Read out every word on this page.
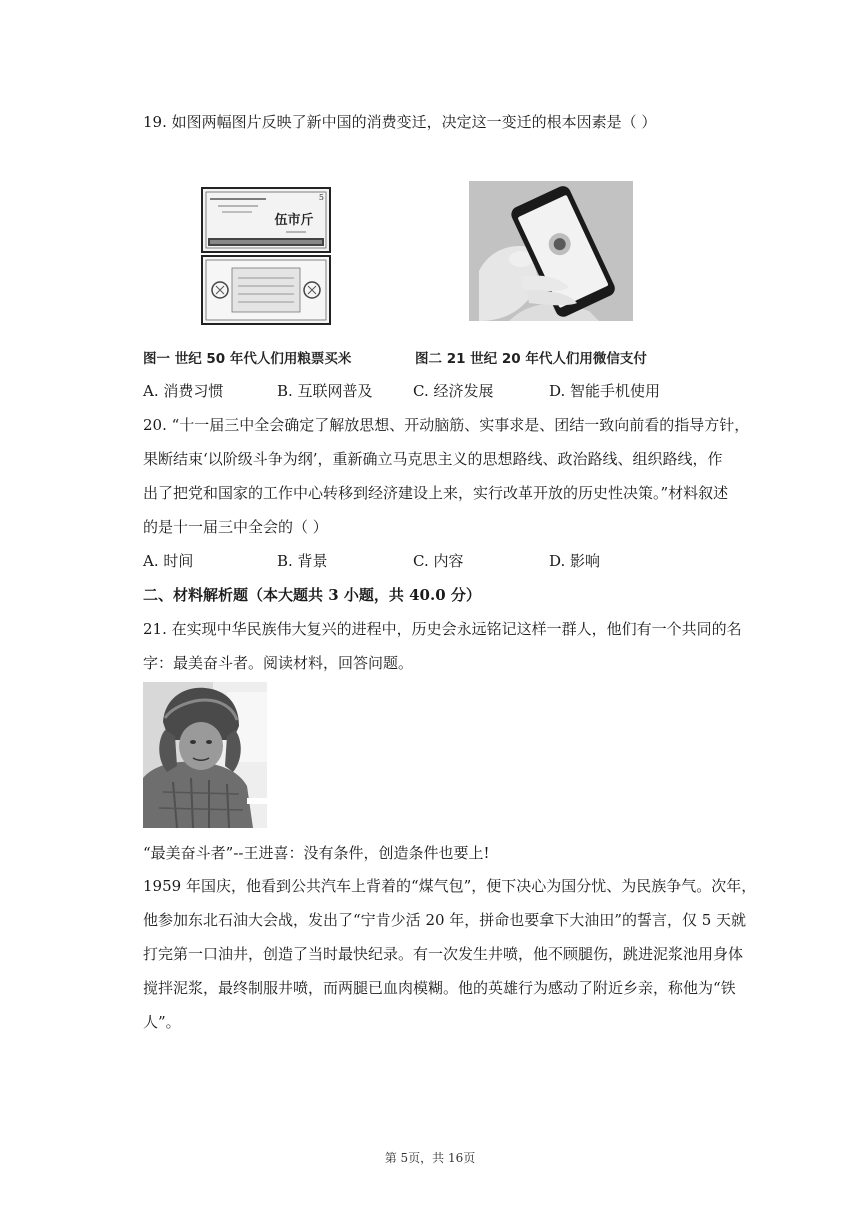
19. 如图两幅图片反映了新中国的消费变迁，决定这一变迁的根本因素是（ ）
5
伍市斤
图一 世纪 50 年代人们用粮票买米	图二 21 世纪 20 年代人们用微信支付
A. 消费习惯	B. 互联网普及	C. 经济发展	D. 智能手机使用
20. “十一届三中全会确定了解放思想、开动脑筋、实事求是、团结一致向前看的指导方针，
果断结束‘以阶级斗争为纲’，重新确立马克思主义的思想路线、政治路线、组织路线，作
出了把党和国家的工作中心转移到经济建设上来，实行改革开放的历史性决策。”材料叙述
的是十一届三中全会的（ ）
A. 时间	B. 背景	C. 内容	D. 影响
二、材料解析题（本大题共 3 小题，共 40.0 分）
21. 在实现中华民族伟大复兴的进程中，历史会永远铭记这样一群人，他们有一个共同的名
字：最美奋斗者。阅读材料，回答问题。
“最美奋斗者”--王进喜：没有条件，创造条件也要上!
1959 年国庆，他看到公共汽车上背着的“煤气包”，便下决心为国分忧、为民族争气。次年，
他参加东北石油大会战，发出了“宁肯少活 20 年，拼命也要拿下大油田”的誓言，仅 5 天就
打完第一口油井，创造了当时最快纪录。有一次发生井喷，他不顾腿伤，跳进泥浆池用身体
搅拌泥浆，最终制服井喷，而两腿已血肉模糊。他的英雄行为感动了附近乡亲，称他为“铁
人”。
第 5页，共 16页
